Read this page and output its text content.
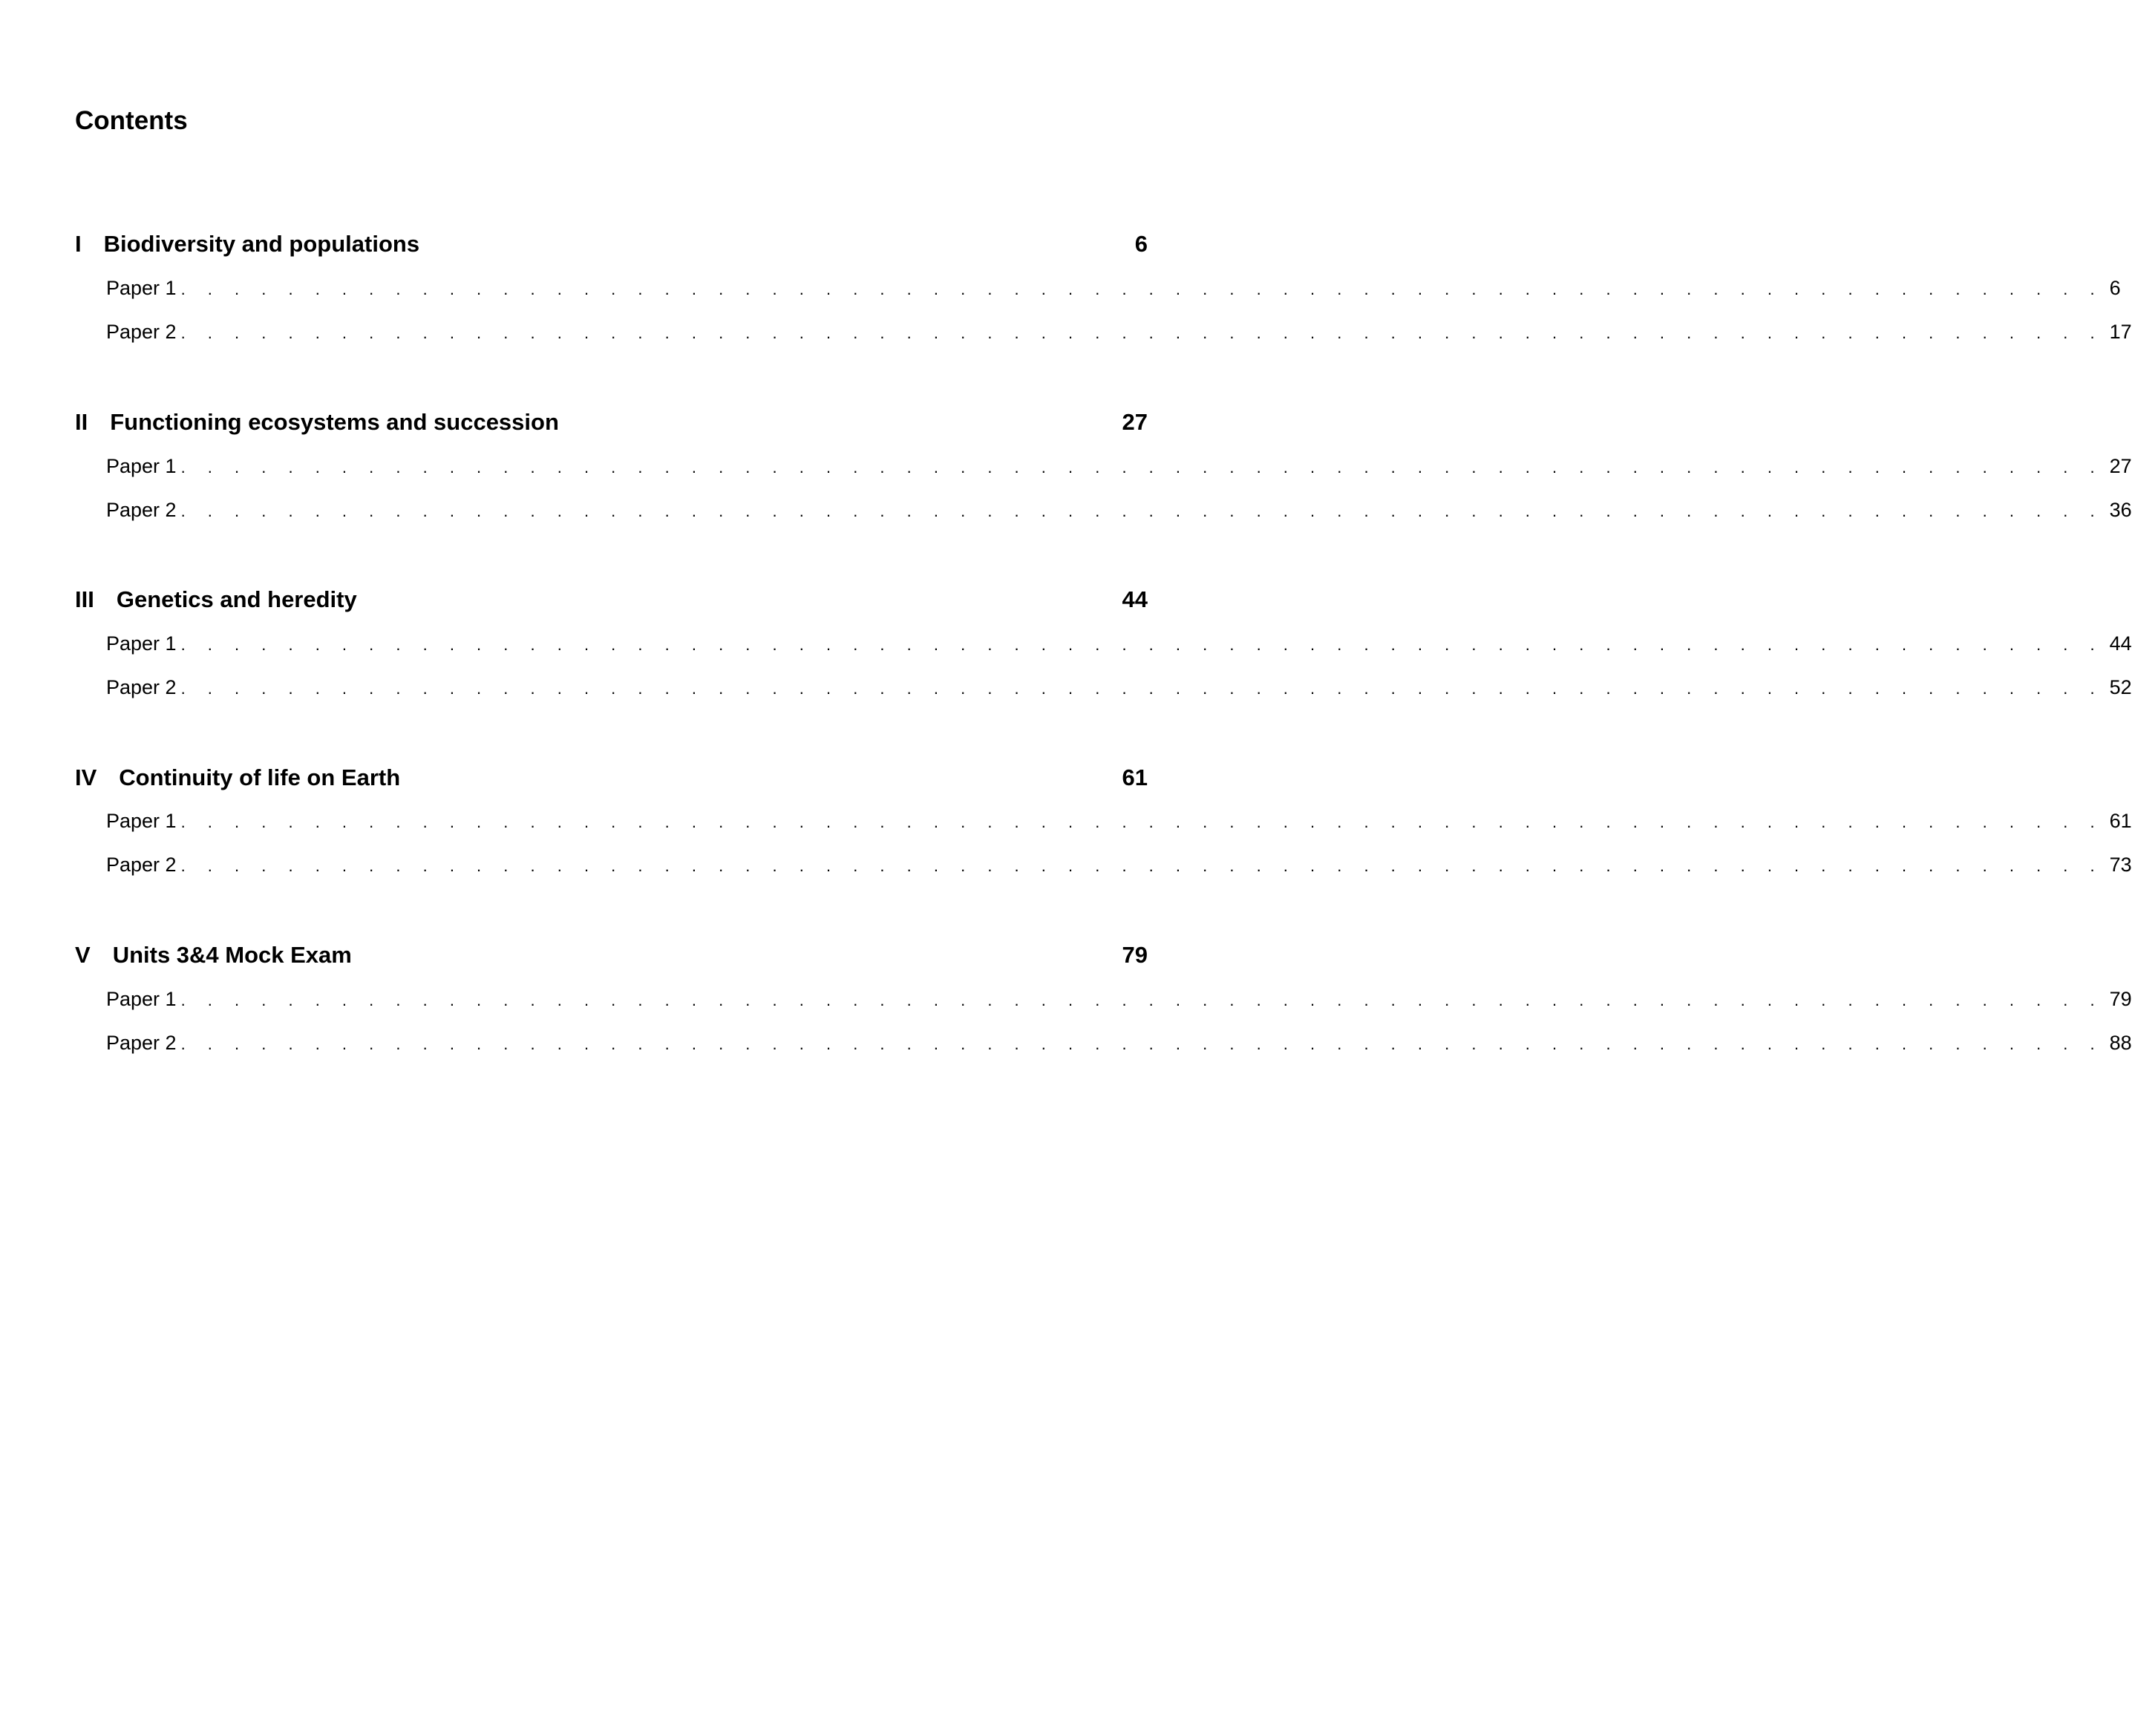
Contents
I Biodiversity and populations	6
Paper 1 . . . . . . . . . . . . . . . . . . . . . . . . . . . . . . . . . . . . . . . . . . . . . . . . . . . . . . . . . . . . . . . . . . . . . . . . 6
Paper 2 . . . . . . . . . . . . . . . . . . . . . . . . . . . . . . . . . . . . . . . . . . . . . . . . . . . . . . . . . . . . . . . . . . . . . . . . 17
II Functioning ecosystems and succession	27
Paper 1 . . . . . . . . . . . . . . . . . . . . . . . . . . . . . . . . . . . . . . . . . . . . . . . . . . . . . . . . . . . . . . . . . . . . . . . . 27
Paper 2 . . . . . . . . . . . . . . . . . . . . . . . . . . . . . . . . . . . . . . . . . . . . . . . . . . . . . . . . . . . . . . . . . . . . . . . . 36
III Genetics and heredity	44
Paper 1 . . . . . . . . . . . . . . . . . . . . . . . . . . . . . . . . . . . . . . . . . . . . . . . . . . . . . . . . . . . . . . . . . . . . . . . . 44
Paper 2 . . . . . . . . . . . . . . . . . . . . . . . . . . . . . . . . . . . . . . . . . . . . . . . . . . . . . . . . . . . . . . . . . . . . . . . . 52
IV Continuity of life on Earth	61
Paper 1 . . . . . . . . . . . . . . . . . . . . . . . . . . . . . . . . . . . . . . . . . . . . . . . . . . . . . . . . . . . . . . . . . . . . . . . . 61
Paper 2 . . . . . . . . . . . . . . . . . . . . . . . . . . . . . . . . . . . . . . . . . . . . . . . . . . . . . . . . . . . . . . . . . . . . . . . . 73
V Units 3&4 Mock Exam	79
Paper 1 . . . . . . . . . . . . . . . . . . . . . . . . . . . . . . . . . . . . . . . . . . . . . . . . . . . . . . . . . . . . . . . . . . . . . . . . 79
Paper 2 . . . . . . . . . . . . . . . . . . . . . . . . . . . . . . . . . . . . . . . . . . . . . . . . . . . . . . . . . . . . . . . . . . . . . . . . 88
